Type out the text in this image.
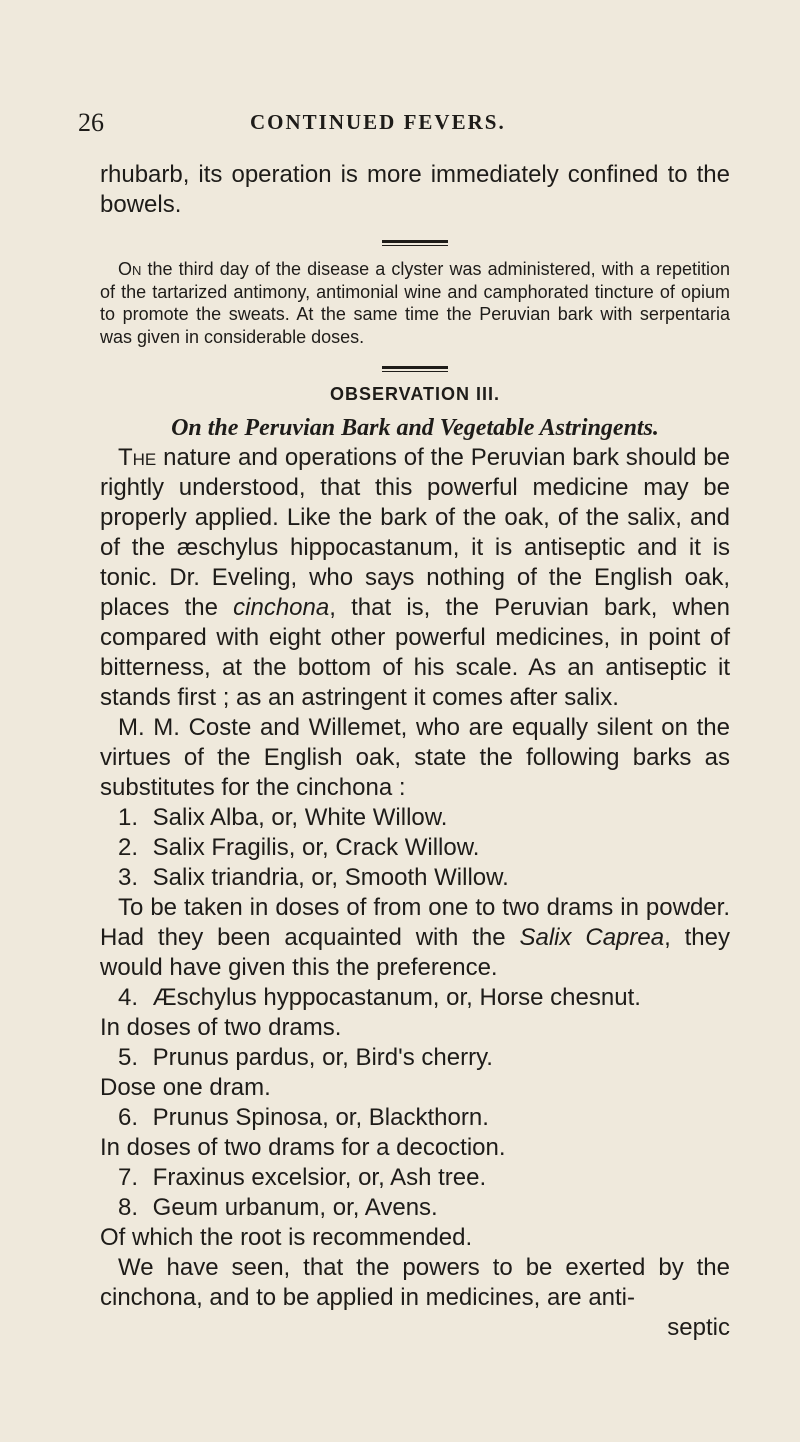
26	CONTINUED FEVERS.

rhubarb, its operation is more immediately confined to the bowels.

On the third day of the disease a clyster was administered, with a repetition of the tartarized antimony, antimonial wine and camphorated tincture of opium to promote the sweats. At the same time the Peruvian bark with serpentaria was given in considerable doses.

OBSERVATION III.

On the Peruvian Bark and Vegetable Astringents.

The nature and operations of the Peruvian bark should be rightly understood, that this powerful medicine may be properly applied. Like the bark of the oak, of the salix, and of the æschylus hippocastanum, it is antiseptic and it is tonic. Dr. Eveling, who says nothing of the English oak, places the cinchona, that is, the Peruvian bark, when compared with eight other powerful medicines, in point of bitterness, at the bottom of his scale. As an antiseptic it stands first ; as an astringent it comes after salix.

M. M. Coste and Willemet, who are equally silent on the virtues of the English oak, state the following barks as substitutes for the cinchona :

1. Salix Alba, or, White Willow.
2. Salix Fragilis, or, Crack Willow.
3. Salix triandria, or, Smooth Willow.

To be taken in doses of from one to two drams in powder. Had they been acquainted with the Salix Caprea, they would have given this the preference.

4. Æschylus hyppocastanum, or, Horse chesnut.

In doses of two drams.

5. Prunus pardus, or, Bird's cherry.

Dose one dram.

6. Prunus Spinosa, or, Blackthorn.

In doses of two drams for a decoction.

7. Fraxinus excelsior, or, Ash tree.
8. Geum urbanum, or, Avens.

Of which the root is recommended.

We have seen, that the powers to be exerted by the cinchona, and to be applied in medicines, are anti-

septic
